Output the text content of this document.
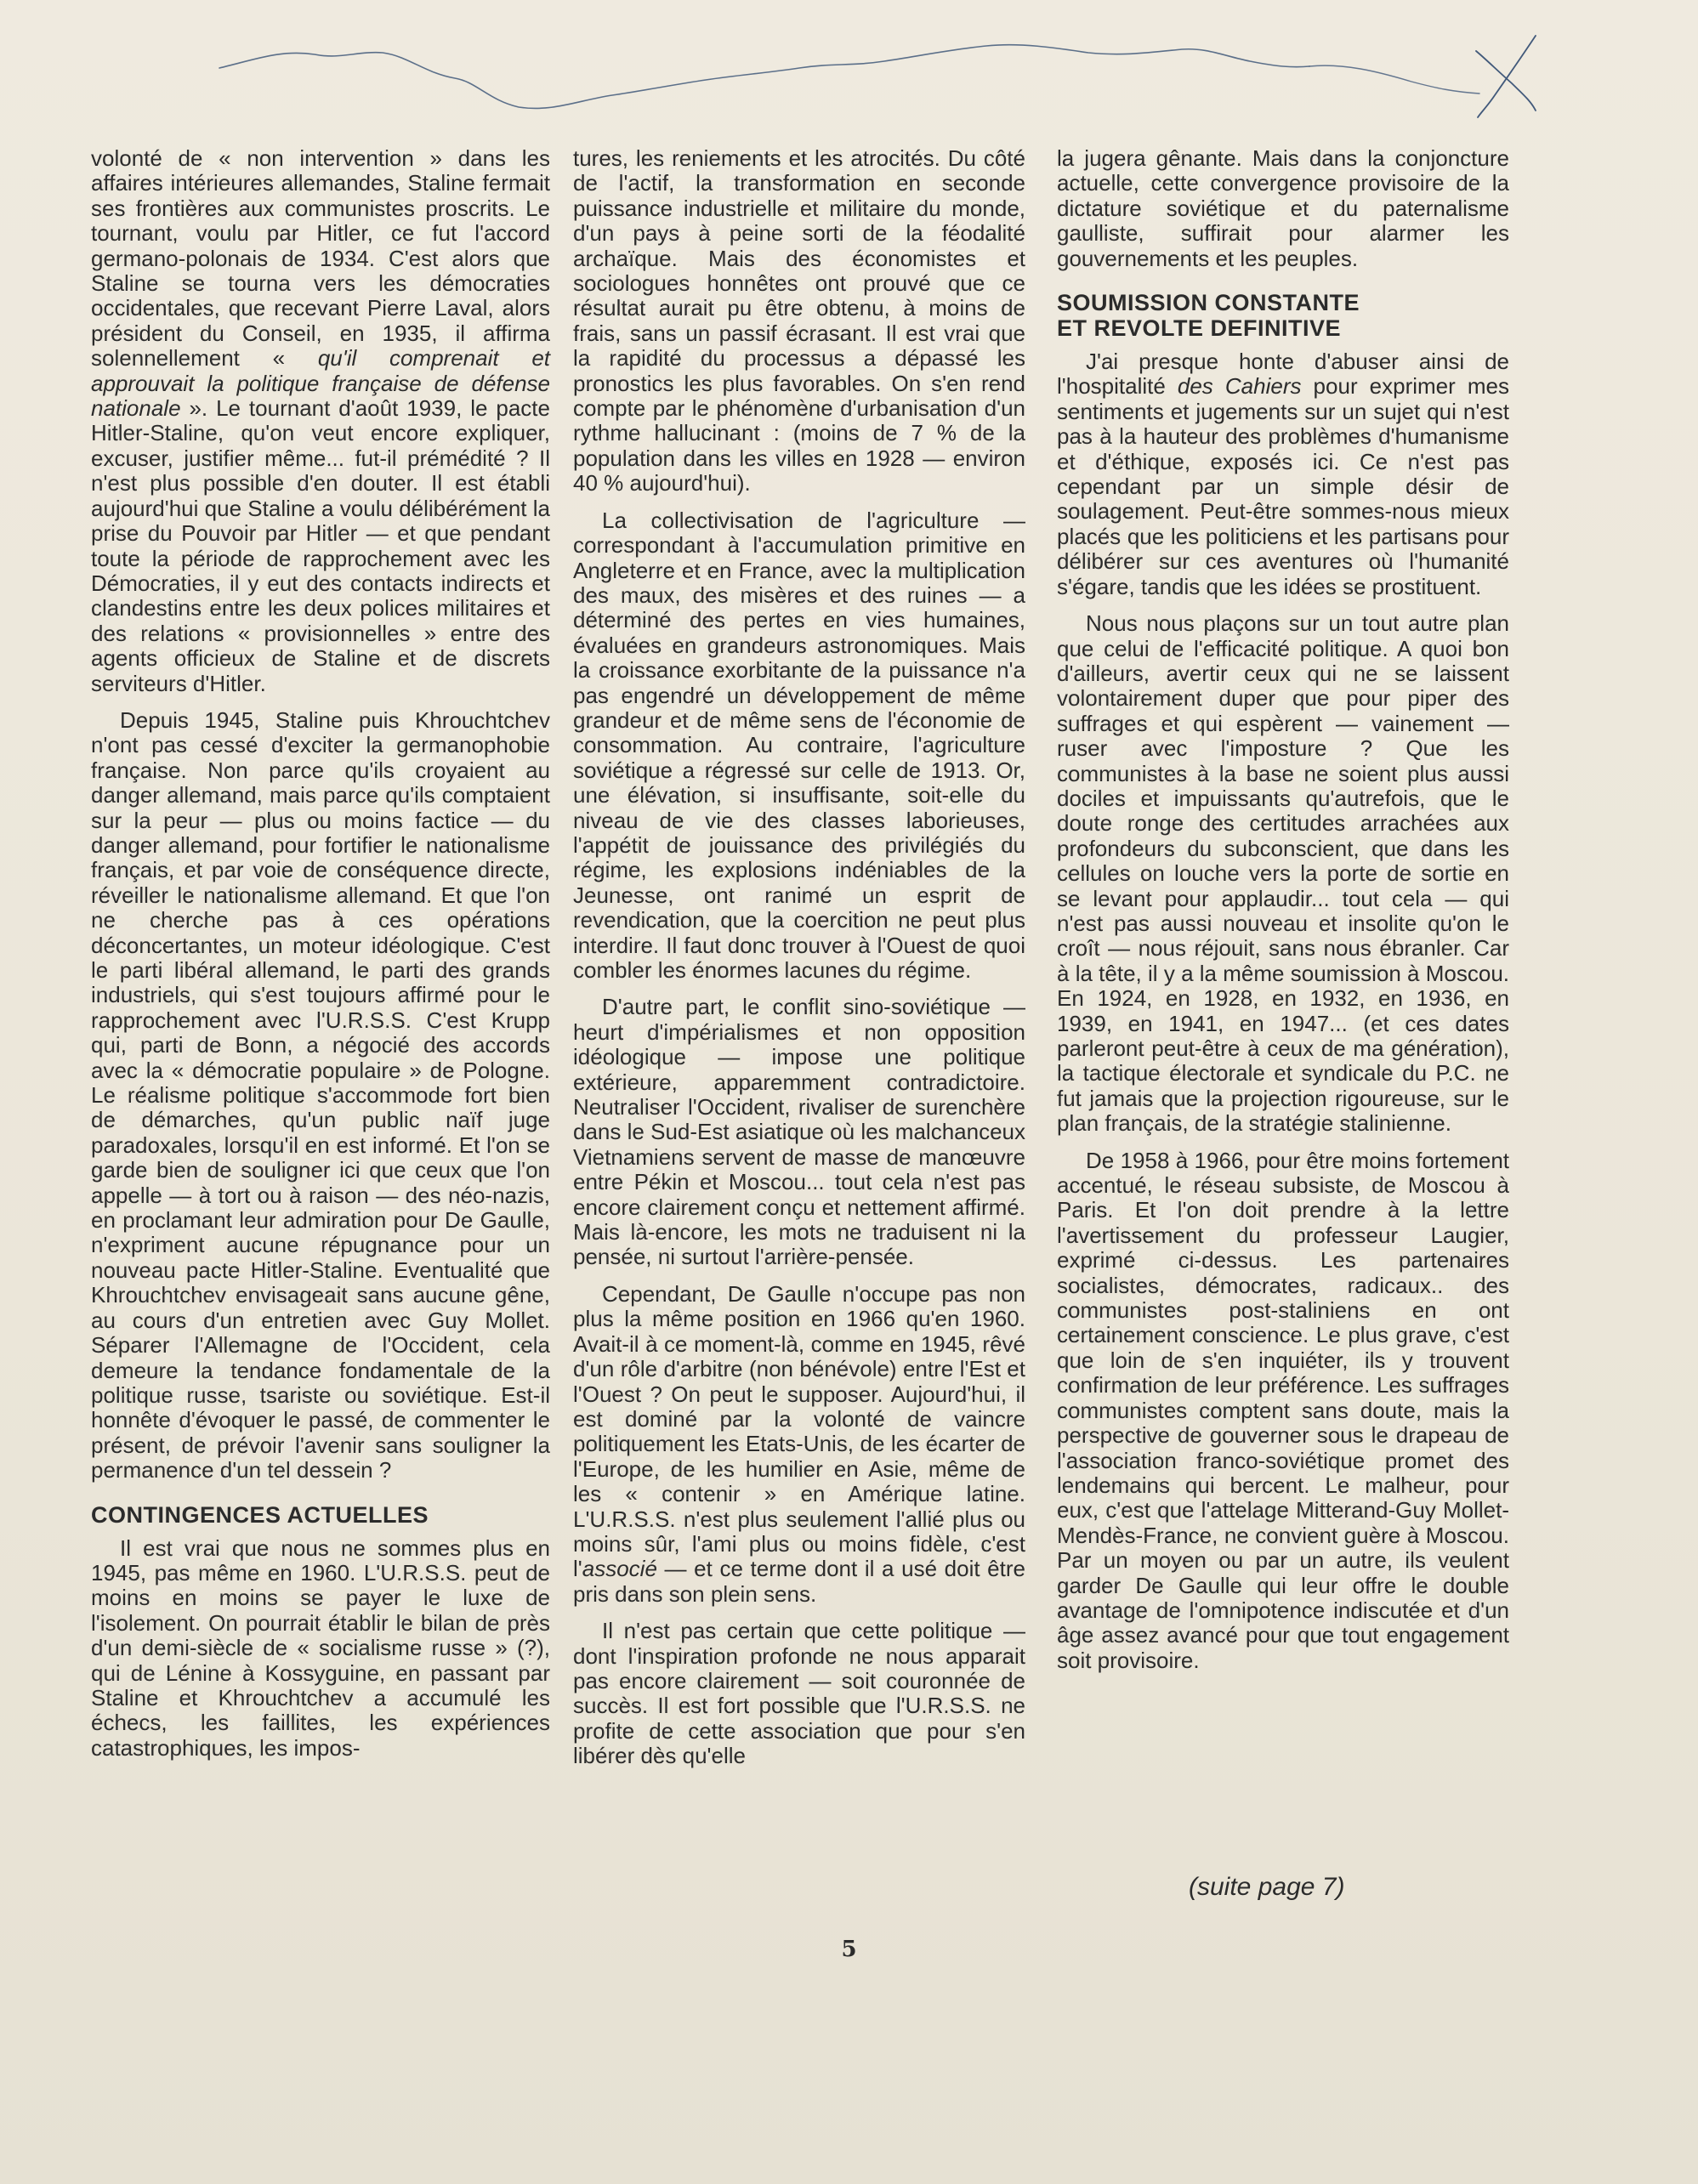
volonté de « non intervention » dans les affaires intérieures allemandes, Staline fermait ses frontières aux communistes proscrits. Le tournant, voulu par Hitler, ce fut l'accord germano-polonais de 1934. C'est alors que Staline se tourna vers les démocraties occidentales, que recevant Pierre Laval, alors président du Conseil, en 1935, il affirma solennellement « qu'il comprenait et approuvait la politique française de défense nationale ». Le tournant d'août 1939, le pacte Hitler-Staline, qu'on veut encore expliquer, excuser, justifier même... fut-il prémédité ? Il n'est plus possible d'en douter. Il est établi aujourd'hui que Staline a voulu délibérément la prise du Pouvoir par Hitler — et que pendant toute la période de rapprochement avec les Démocraties, il y eut des contacts indirects et clandestins entre les deux polices militaires et des relations « provisionnelles » entre des agents officieux de Staline et de discrets serviteurs d'Hitler.

Depuis 1945, Staline puis Khrouchtchev n'ont pas cessé d'exciter la germanophobie française. Non parce qu'ils croyaient au danger allemand, mais parce qu'ils comptaient sur la peur — plus ou moins factice — du danger allemand, pour fortifier le nationalisme français, et par voie de conséquence directe, réveiller le nationalisme allemand. Et que l'on ne cherche pas à ces opérations déconcertantes, un moteur idéologique. C'est le parti libéral allemand, le parti des grands industriels, qui s'est toujours affirmé pour le rapprochement avec l'U.R.S.S. C'est Krupp qui, parti de Bonn, a négocié des accords avec la « démocratie populaire » de Pologne. Le réalisme politique s'accommode fort bien de démarches, qu'un public naïf juge paradoxales, lorsqu'il en est informé. Et l'on se garde bien de souligner ici que ceux que l'on appelle — à tort ou à raison — des néo-nazis, en proclamant leur admiration pour De Gaulle, n'expriment aucune répugnance pour un nouveau pacte Hitler-Staline. Eventualité que Khrouchtchev envisageait sans aucune gêne, au cours d'un entretien avec Guy Mollet. Séparer l'Allemagne de l'Occident, cela demeure la tendance fondamentale de la politique russe, tsariste ou soviétique. Est-il honnête d'évoquer le passé, de commenter le présent, de prévoir l'avenir sans souligner la permanence d'un tel dessein ?

CONTINGENCES ACTUELLES

Il est vrai que nous ne sommes plus en 1945, pas même en 1960. L'U.R.S.S. peut de moins en moins se payer le luxe de l'isolement. On pourrait établir le bilan de près d'un demi-siècle de « socialisme russe » (?), qui de Lénine à Kossyguine, en passant par Staline et Khrouchtchev a accumulé les échecs, les faillites, les expériences catastrophiques, les impos-

tures, les reniements et les atrocités. Du côté de l'actif, la transformation en seconde puissance industrielle et militaire du monde, d'un pays à peine sorti de la féodalité archaïque. Mais des économistes et sociologues honnêtes ont prouvé que ce résultat aurait pu être obtenu, à moins de frais, sans un passif écrasant. Il est vrai que la rapidité du processus a dépassé les pronostics les plus favorables. On s'en rend compte par le phénomène d'urbanisation d'un rythme hallucinant : (moins de 7 % de la population dans les villes en 1928 — environ 40 % aujourd'hui).

La collectivisation de l'agriculture — correspondant à l'accumulation primitive en Angleterre et en France, avec la multiplication des maux, des misères et des ruines — a déterminé des pertes en vies humaines, évaluées en grandeurs astronomiques. Mais la croissance exorbitante de la puissance n'a pas engendré un développement de même grandeur et de même sens de l'économie de consommation. Au contraire, l'agriculture soviétique a régressé sur celle de 1913. Or, une élévation, si insuffisante, soit-elle du niveau de vie des classes laborieuses, l'appétit de jouissance des privilégiés du régime, les explosions indéniables de la Jeunesse, ont ranimé un esprit de revendication, que la coercition ne peut plus interdire. Il faut donc trouver à l'Ouest de quoi combler les énormes lacunes du régime.

D'autre part, le conflit sino-soviétique — heurt d'impérialismes et non opposition idéologique — impose une politique extérieure, apparemment contradictoire. Neutraliser l'Occident, rivaliser de surenchère dans le Sud-Est asiatique où les malchanceux Vietnamiens servent de masse de manœuvre entre Pékin et Moscou... tout cela n'est pas encore clairement conçu et nettement affirmé. Mais là-encore, les mots ne traduisent ni la pensée, ni surtout l'arrière-pensée.

Cependant, De Gaulle n'occupe pas non plus la même position en 1966 qu'en 1960. Avait-il à ce moment-là, comme en 1945, rêvé d'un rôle d'arbitre (non bénévole) entre l'Est et l'Ouest ? On peut le supposer. Aujourd'hui, il est dominé par la volonté de vaincre politiquement les Etats-Unis, de les écarter de l'Europe, de les humilier en Asie, même de les « contenir » en Amérique latine. L'U.R.S.S. n'est plus seulement l'allié plus ou moins sûr, l'ami plus ou moins fidèle, c'est l'associé — et ce terme dont il a usé doit être pris dans son plein sens.

Il n'est pas certain que cette politique — dont l'inspiration profonde ne nous apparait pas encore clairement — soit couronnée de succès. Il est fort possible que l'U.R.S.S. ne profite de cette association que pour s'en libérer dès qu'elle

la jugera gênante. Mais dans la conjoncture actuelle, cette convergence provisoire de la dictature soviétique et du paternalisme gaulliste, suffirait pour alarmer les gouvernements et les peuples.

SOUMISSION CONSTANTE
ET REVOLTE DEFINITIVE

J'ai presque honte d'abuser ainsi de l'hospitalité des Cahiers pour exprimer mes sentiments et jugements sur un sujet qui n'est pas à la hauteur des problèmes d'humanisme et d'éthique, exposés ici. Ce n'est pas cependant par un simple désir de soulagement. Peut-être sommes-nous mieux placés que les politiciens et les partisans pour délibérer sur ces aventures où l'humanité s'égare, tandis que les idées se prostituent.

Nous nous plaçons sur un tout autre plan que celui de l'efficacité politique. A quoi bon d'ailleurs, avertir ceux qui ne se laissent volontairement duper que pour piper des suffrages et qui espèrent — vainement — ruser avec l'imposture ? Que les communistes à la base ne soient plus aussi dociles et impuissants qu'autrefois, que le doute ronge des certitudes arrachées aux profondeurs du subconscient, que dans les cellules on louche vers la porte de sortie en se levant pour applaudir... tout cela — qui n'est pas aussi nouveau et insolite qu'on le croît — nous réjouit, sans nous ébranler. Car à la tête, il y a la même soumission à Moscou. En 1924, en 1928, en 1932, en 1936, en 1939, en 1941, en 1947... (et ces dates parleront peut-être à ceux de ma génération), la tactique électorale et syndicale du P.C. ne fut jamais que la projection rigoureuse, sur le plan français, de la stratégie stalinienne.

De 1958 à 1966, pour être moins fortement accentué, le réseau subsiste, de Moscou à Paris. Et l'on doit prendre à la lettre l'avertissement du professeur Laugier, exprimé ci-dessus. Les partenaires socialistes, démocrates, radicaux.. des communistes post-staliniens en ont certainement conscience. Le plus grave, c'est que loin de s'en inquiéter, ils y trouvent confirmation de leur préférence. Les suffrages communistes comptent sans doute, mais la perspective de gouverner sous le drapeau de l'association franco-soviétique promet des lendemains qui bercent. Le malheur, pour eux, c'est que l'attelage Mitterand-Guy Mollet-Mendès-France, ne convient guère à Moscou. Par un moyen ou par un autre, ils veulent garder De Gaulle qui leur offre le double avantage de l'omnipotence indiscutée et d'un âge assez avancé pour que tout engagement soit provisoire.

(suite page 7)
5
